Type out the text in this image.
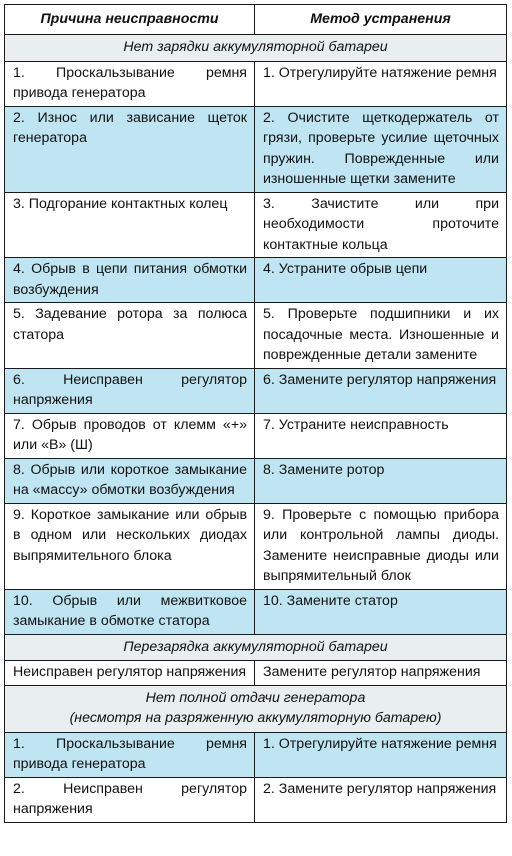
Причина неисправности	Метод устранения
Нет зарядки аккумуляторной батареи	
1. Проскальзывание ремня привода генератора	1. Отрегулируйте натяжение ремня
2. Износ или зависание щеток генератора	2. Очистите щеткодержатель от грязи, проверьте усилие щеточных пружин. Поврежденные или изношенные щетки замените
3. Подгорание контактных колец	3. Зачистите или при необходимости проточите контактные кольца
4. Обрыв в цепи питания обмотки возбуждения	4. Устраните обрыв цепи
5. Задевание ротора за полюса статора	5. Проверьте подшипники и их посадочные места. Изношенные и поврежденные детали замените
6. Неисправен регулятор напряжения	6. Замените регулятор напряжения
7. Обрыв проводов от клемм «+» или «В» (Ш)	7. Устраните неисправность
8. Обрыв или короткое замыкание на «массу» обмотки возбуждения	8. Замените ротор
9. Короткое замыкание или обрыв в одном или нескольких диодах выпрямительного блока	9. Проверьте с помощью прибора или контрольной лампы диоды. Замените неисправные диоды или выпрямительный блок
10. Обрыв или межвитковое замыкание в обмотке статора	10. Замените статор
Перезарядка аккумуляторной батареи	
Неисправен регулятор напряжения	Замените регулятор напряжения
Нет полной отдачи генератора
(несмотря на разряженную аккумуляторную батарею)	
1. Проскальзывание ремня привода генератора	1. Отрегулируйте натяжение ремня
2. Неисправен регулятор напряжения	2. Замените регулятор напряжения
